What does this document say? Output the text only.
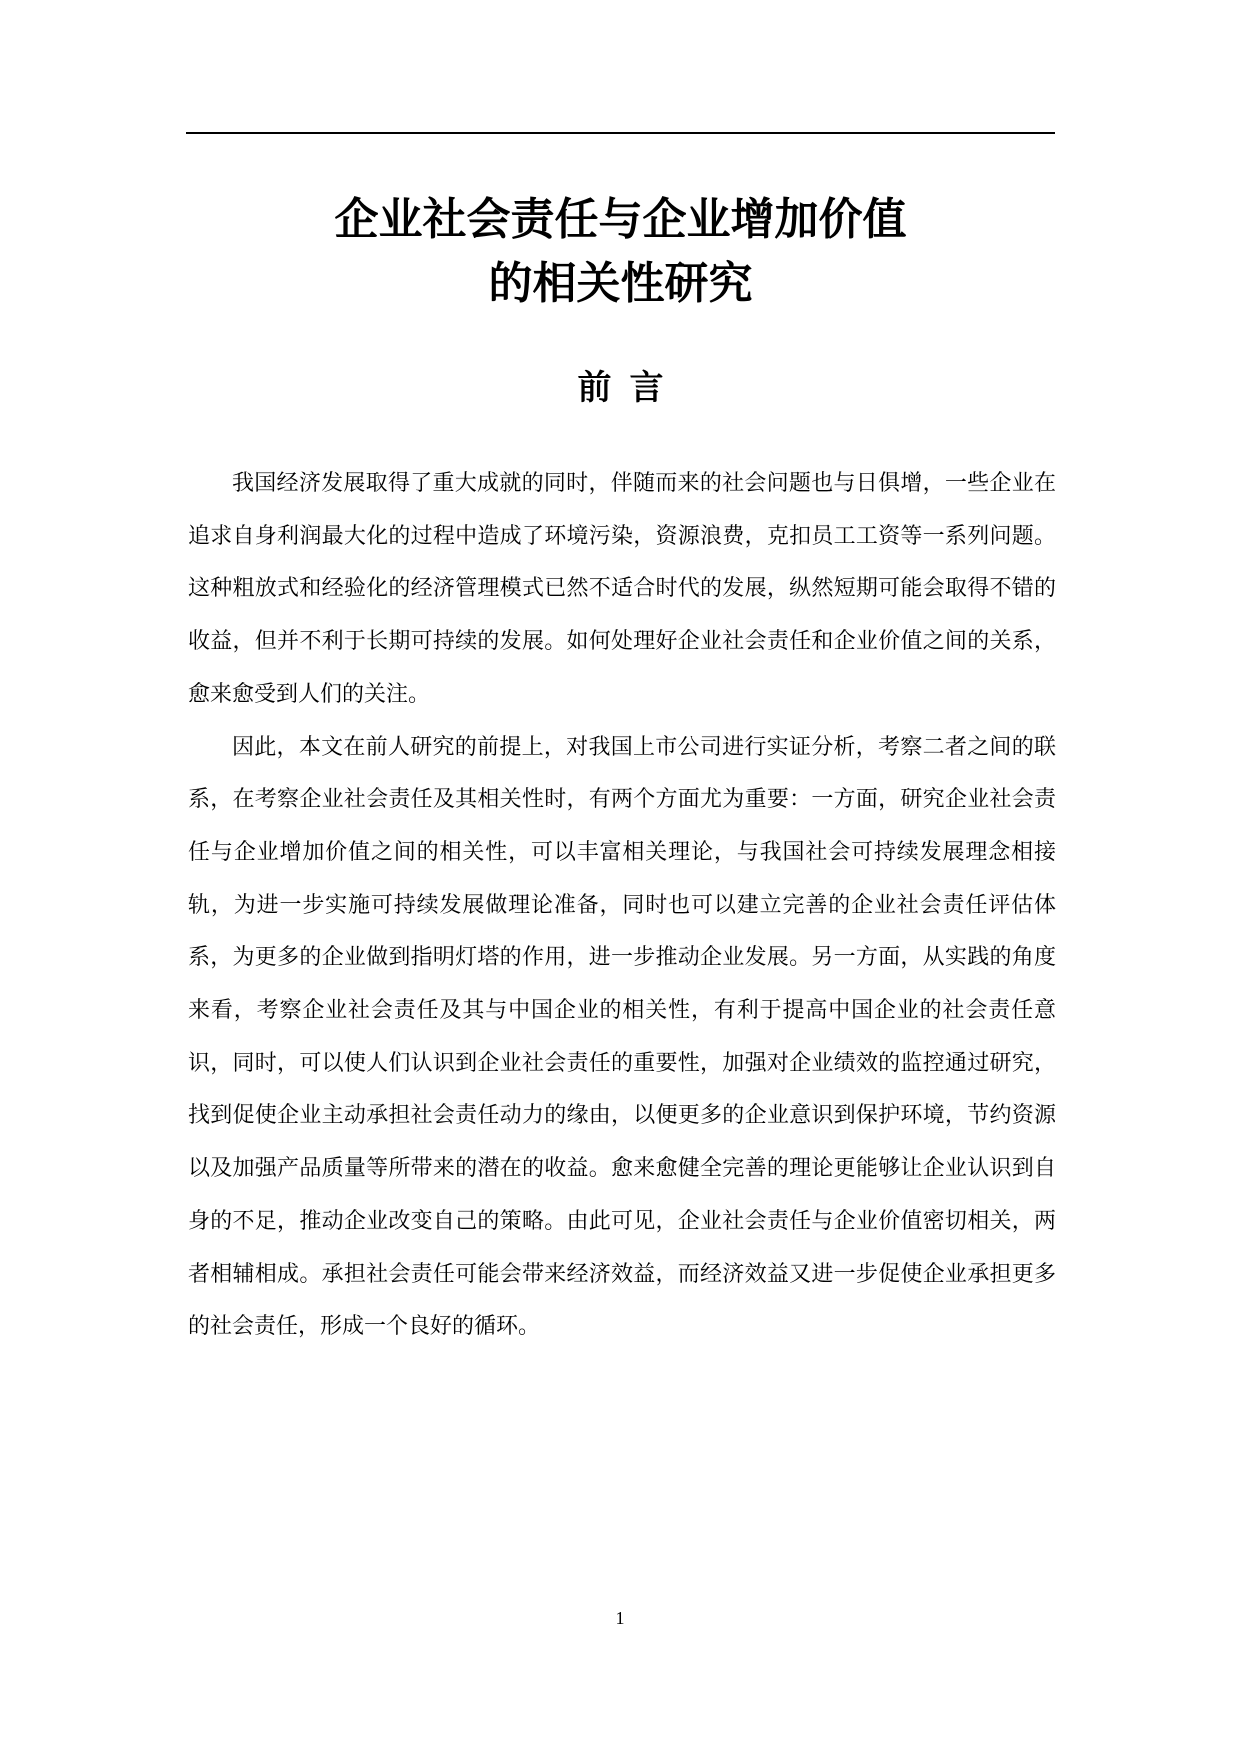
企业社会责任与企业增加价值
的相关性研究
前言

我国经济发展取得了重大成就的同时，伴随而来的社会问题也与日俱增，一些企业在追求自身利润最大化的过程中造成了环境污染，资源浪费，克扣员工工资等一系列问题。这种粗放式和经验化的经济管理模式已然不适合时代的发展，纵然短期可能会取得不错的收益，但并不利于长期可持续的发展。如何处理好企业社会责任和企业价值之间的关系，愈来愈受到人们的关注。

因此，本文在前人研究的前提上，对我国上市公司进行实证分析，考察二者之间的联系，在考察企业社会责任及其相关性时，有两个方面尤为重要：一方面，研究企业社会责任与企业增加价值之间的相关性，可以丰富相关理论，与我国社会可持续发展理念相接轨，为进一步实施可持续发展做理论准备，同时也可以建立完善的企业社会责任评估体系，为更多的企业做到指明灯塔的作用，进一步推动企业发展。另一方面，从实践的角度来看，考察企业社会责任及其与中国企业的相关性，有利于提高中国企业的社会责任意识，同时，可以使人们认识到企业社会责任的重要性，加强对企业绩效的监控通过研究，找到促使企业主动承担社会责任动力的缘由，以便更多的企业意识到保护环境，节约资源以及加强产品质量等所带来的潜在的收益。愈来愈健全完善的理论更能够让企业认识到自身的不足，推动企业改变自己的策略。由此可见，企业社会责任与企业价值密切相关，两者相辅相成。承担社会责任可能会带来经济效益，而经济效益又进一步促使企业承担更多的社会责任，形成一个良好的循环。

1
